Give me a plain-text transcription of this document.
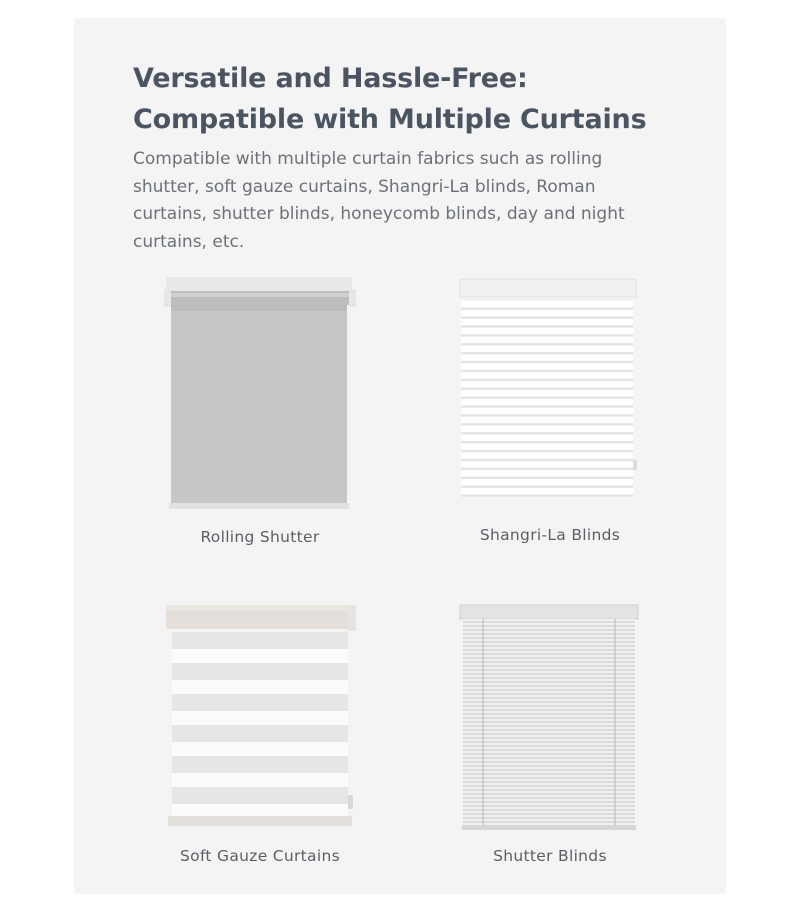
Versatile and Hassle-Free:
Compatible with Multiple Curtains

Compatible with multiple curtain fabrics such as rolling shutter, soft gauze curtains, Shangri-La blinds, Roman curtains, shutter blinds, honeycomb blinds, day and night curtains, etc.

Rolling Shutter	Shangri-La Blinds
Soft Gauze Curtains	Shutter Blinds
